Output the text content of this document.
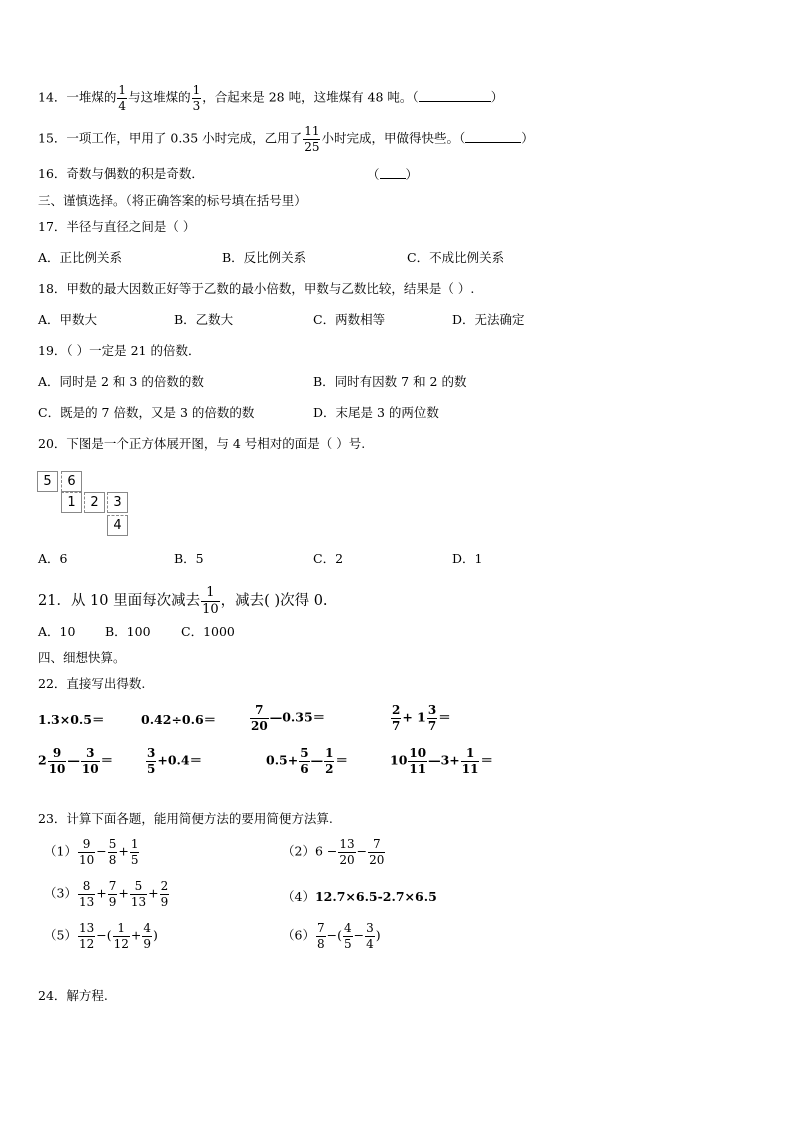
14．一堆煤的 $\frac{1}{4}$ 与这堆煤的 $\frac{1}{3}$ ，合起来是 28 吨，这堆煤有 48 吨。（	）
15．一项工作，甲用了 0.35 小时完成，乙用了 $\frac{11}{25}$ 小时完成，甲做得快些。（	）
16．奇数与偶数的积是奇数．	（ ）
三、谨慎选择。（将正确答案的标号填在括号里）
17．半径与直径之间是（ ）
A．正比例关系	B．反比例关系	C．不成比例关系
18．甲数的最大因数正好等于乙数的最小倍数，甲数与乙数比较，结果是（ ）.
A．甲数大	B．乙数大	C．两数相等	D．无法确定
19．（ ）一定是 21 的倍数．
A．同时是 2 和 3 的倍数的数	B．同时有因数 7 和 2 的数
C．既是的 7 倍数，又是 3 的倍数的数	D．末尾是 3 的两位数
20．下图是一个正方体展开图，与 4 号相对的面是（ ）号.
5	6
1	2	3
4
A．6	B．5	C．2	D．1
21．从 10 里面每次减去 $\frac{1}{10}$ ，减去( )次得 0.
A．10 B．100 C．1000
四、细想快算。
22．直接写出得数.
1.3×0.5＝	0.42÷0.6＝	$\frac{7}{20}$ —0.35＝	$\frac{2}{7} + 1 \frac{3}{7}$ ＝
$2 \frac{9}{10}$ — $\frac{3}{10}$ ＝	$\frac{3}{5} +0.4=$	$0.5+ \frac{5}{6}$ — $\frac{1}{2}$ ＝	$10 \frac{10}{11}$ —3+ $\frac{1}{11}$ ＝
23．计算下面各题，能用简便方法的要用简便方法算.
$(1) \frac{9}{10} - \frac{5}{8} + \frac{1}{5}$	$(2)6 - \frac{13}{20} - \frac{7}{20}$
$(3) \frac{8}{13} + \frac{7}{9} + \frac{5}{13} + \frac{2}{9}$	（4）12.7×6.5-2.7×6.5
$(5) \frac{13}{12}$ −( $\frac{1}{12} + \frac{4}{9}$ )	$(6) \frac{7}{8}$ −( $\frac{4}{5} - \frac{3}{4}$ )
24．解方程.
